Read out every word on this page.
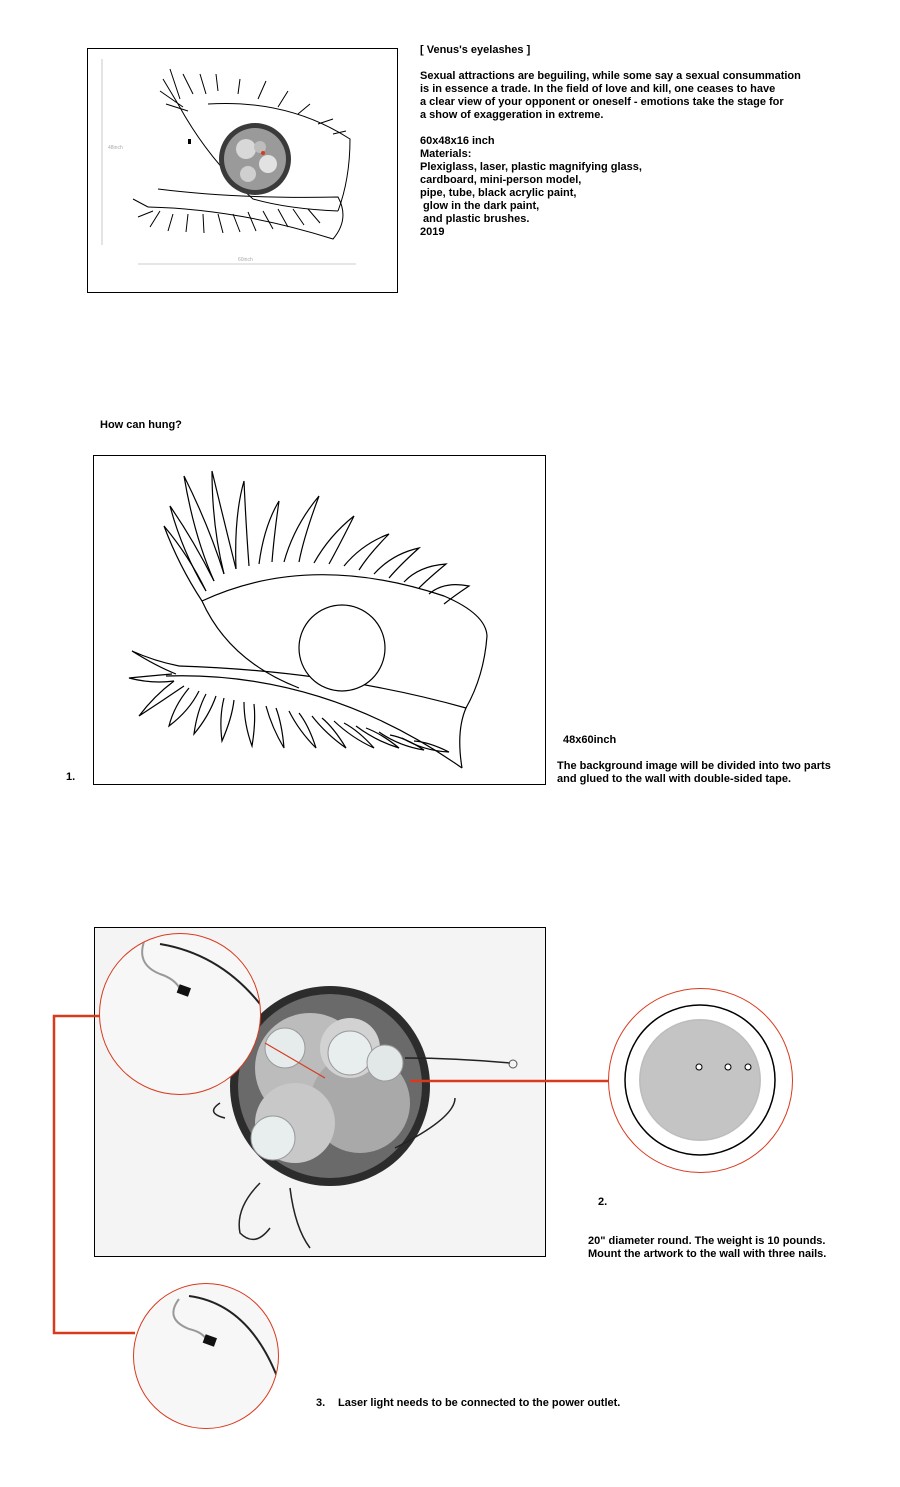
48inch
60inch
[ Venus's eyelashes ]
Sexual attractions are beguiling, while some say a sexual consummation
is in essence a trade. In the field of love and kill, one ceases to have
a clear view of your opponent or oneself - emotions take the stage for
a show of exaggeration in extreme.
60x48x16 inch
Materials:
Plexiglass, laser, plastic magnifying glass,
cardboard, mini-person model,
pipe, tube, black acrylic paint,
glow in the dark paint,
and plastic brushes.
2019
How can hung?
1.
48x60inch
The background image will be divided into two parts
and glued to the wall with double-sided tape.
2.
20" diameter round. The weight is 10 pounds.
Mount the artwork to the wall with three nails.
3. Laser light needs to be connected to the power outlet.
